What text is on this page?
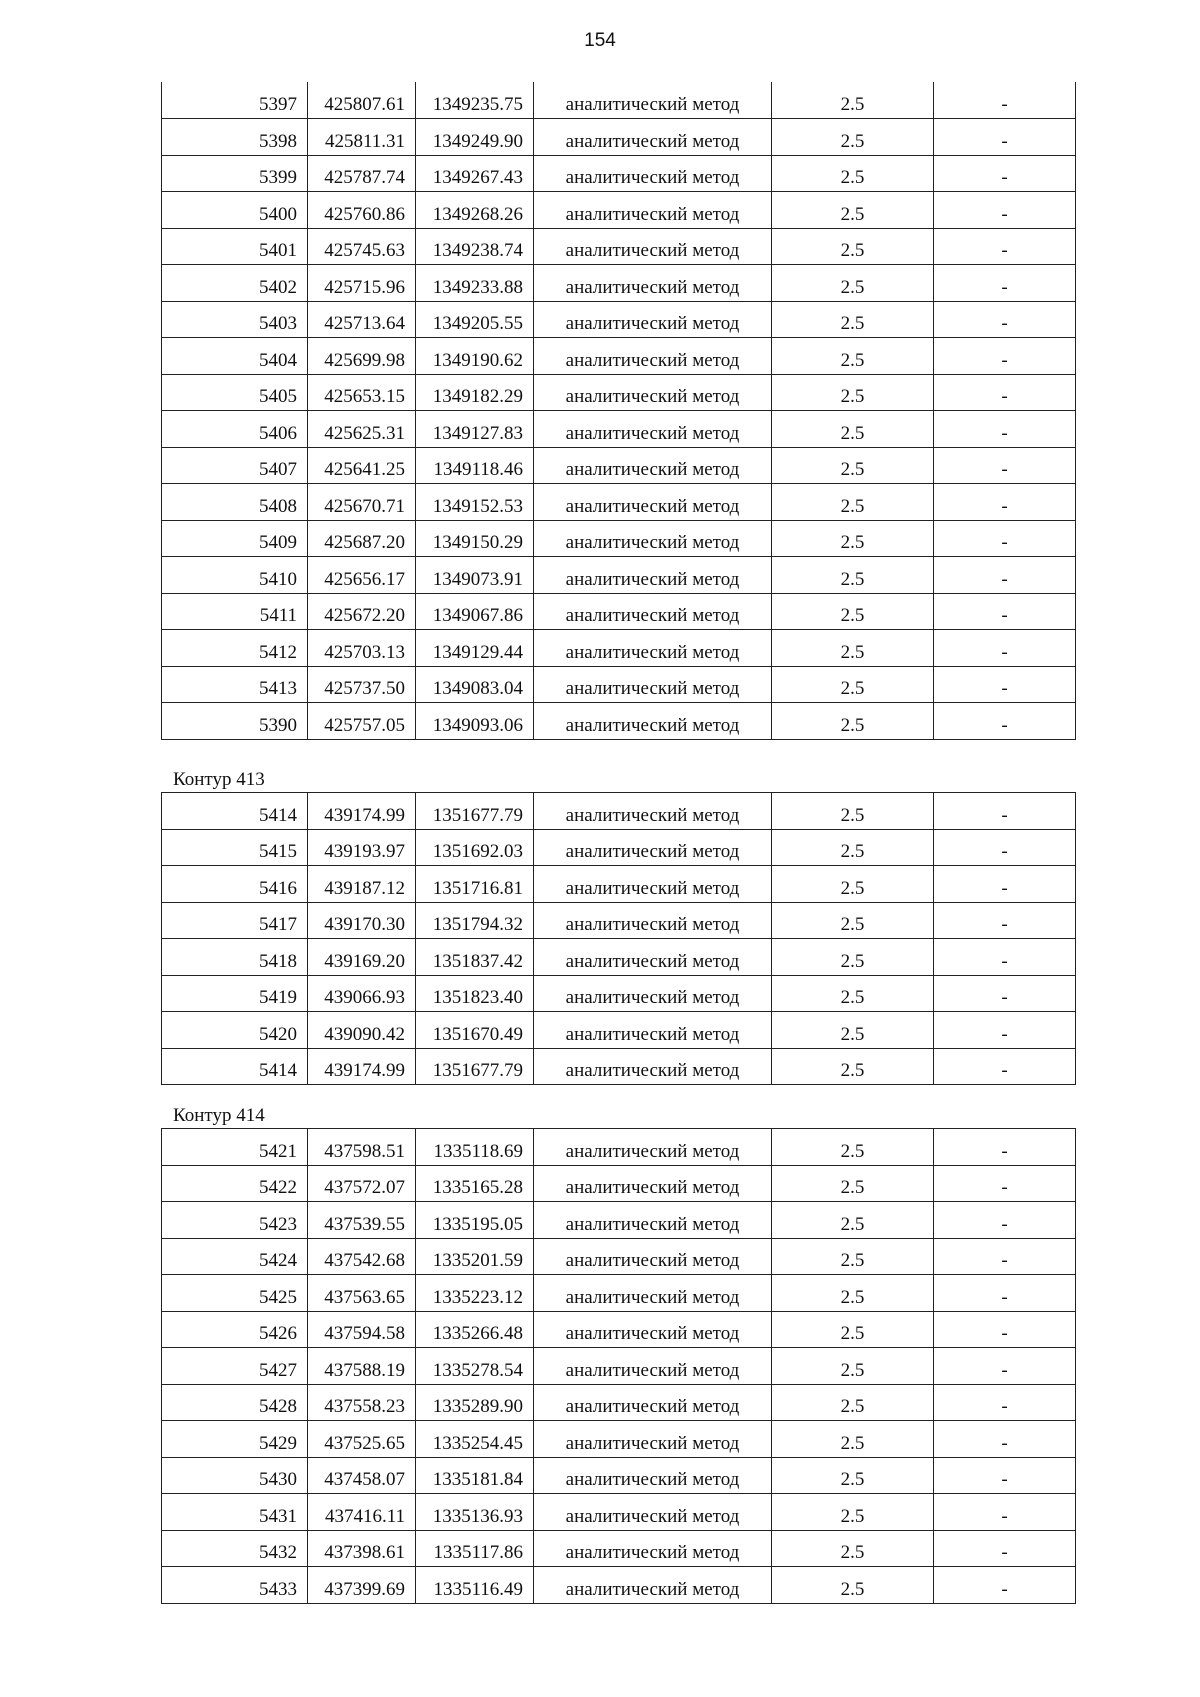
154
5397	425807.61	1349235.75	аналитический метод	2.5	-
5398	425811.31	1349249.90	аналитический метод	2.5	-
5399	425787.74	1349267.43	аналитический метод	2.5	-
5400	425760.86	1349268.26	аналитический метод	2.5	-
5401	425745.63	1349238.74	аналитический метод	2.5	-
5402	425715.96	1349233.88	аналитический метод	2.5	-
5403	425713.64	1349205.55	аналитический метод	2.5	-
5404	425699.98	1349190.62	аналитический метод	2.5	-
5405	425653.15	1349182.29	аналитический метод	2.5	-
5406	425625.31	1349127.83	аналитический метод	2.5	-
5407	425641.25	1349118.46	аналитический метод	2.5	-
5408	425670.71	1349152.53	аналитический метод	2.5	-
5409	425687.20	1349150.29	аналитический метод	2.5	-
5410	425656.17	1349073.91	аналитический метод	2.5	-
5411	425672.20	1349067.86	аналитический метод	2.5	-
5412	425703.13	1349129.44	аналитический метод	2.5	-
5413	425737.50	1349083.04	аналитический метод	2.5	-
5390	425757.05	1349093.06	аналитический метод	2.5	-
Контур 413
5414	439174.99	1351677.79	аналитический метод	2.5	-
5415	439193.97	1351692.03	аналитический метод	2.5	-
5416	439187.12	1351716.81	аналитический метод	2.5	-
5417	439170.30	1351794.32	аналитический метод	2.5	-
5418	439169.20	1351837.42	аналитический метод	2.5	-
5419	439066.93	1351823.40	аналитический метод	2.5	-
5420	439090.42	1351670.49	аналитический метод	2.5	-
5414	439174.99	1351677.79	аналитический метод	2.5	-
Контур 414
5421	437598.51	1335118.69	аналитический метод	2.5	-
5422	437572.07	1335165.28	аналитический метод	2.5	-
5423	437539.55	1335195.05	аналитический метод	2.5	-
5424	437542.68	1335201.59	аналитический метод	2.5	-
5425	437563.65	1335223.12	аналитический метод	2.5	-
5426	437594.58	1335266.48	аналитический метод	2.5	-
5427	437588.19	1335278.54	аналитический метод	2.5	-
5428	437558.23	1335289.90	аналитический метод	2.5	-
5429	437525.65	1335254.45	аналитический метод	2.5	-
5430	437458.07	1335181.84	аналитический метод	2.5	-
5431	437416.11	1335136.93	аналитический метод	2.5	-
5432	437398.61	1335117.86	аналитический метод	2.5	-
5433	437399.69	1335116.49	аналитический метод	2.5	-
